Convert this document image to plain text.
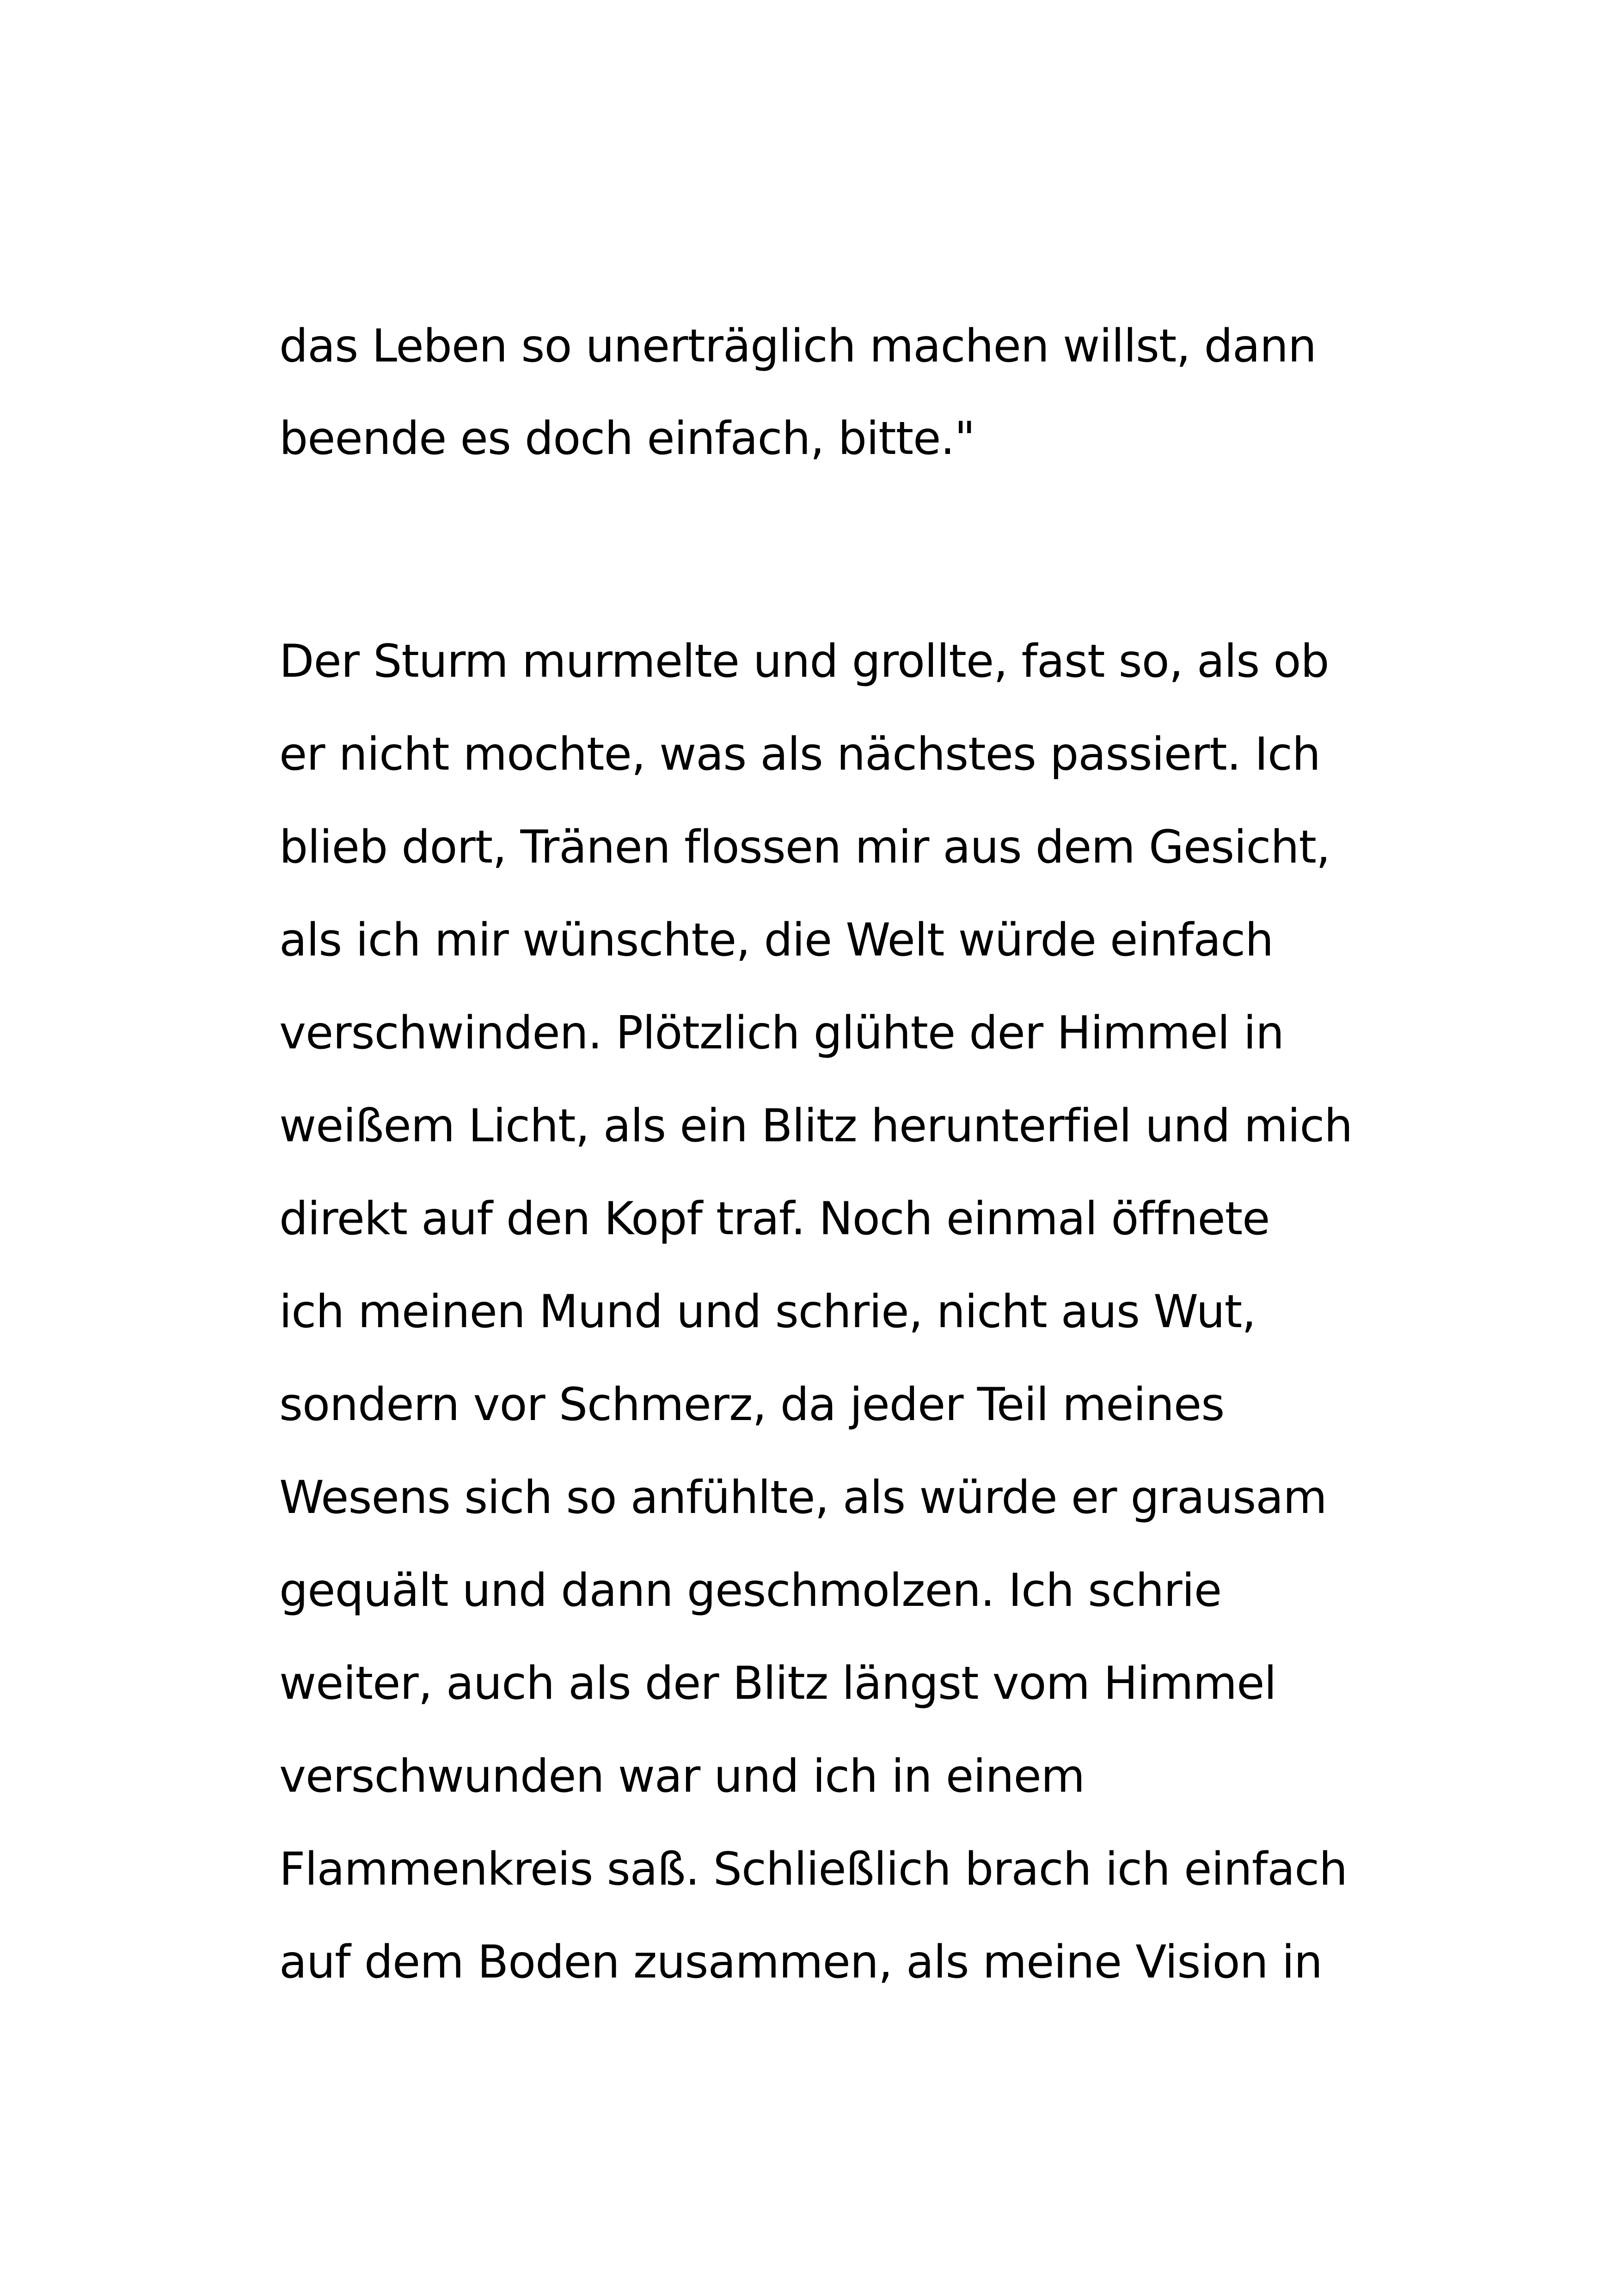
das Leben so unerträglich machen willst, dann
beende es doch einfach, bitte."
Der Sturm murmelte und grollte, fast so, als ob
er nicht mochte, was als nächstes passiert. Ich
blieb dort, Tränen flossen mir aus dem Gesicht,
als ich mir wünschte, die Welt würde einfach
verschwinden. Plötzlich glühte der Himmel in
weißem Licht, als ein Blitz herunterfiel und mich
direkt auf den Kopf traf. Noch einmal öffnete
ich meinen Mund und schrie, nicht aus Wut,
sondern vor Schmerz, da jeder Teil meines
Wesens sich so anfühlte, als würde er grausam
gequält und dann geschmolzen. Ich schrie
weiter, auch als der Blitz längst vom Himmel
verschwunden war und ich in einem
Flammenkreis saß. Schließlich brach ich einfach
auf dem Boden zusammen, als meine Vision in
